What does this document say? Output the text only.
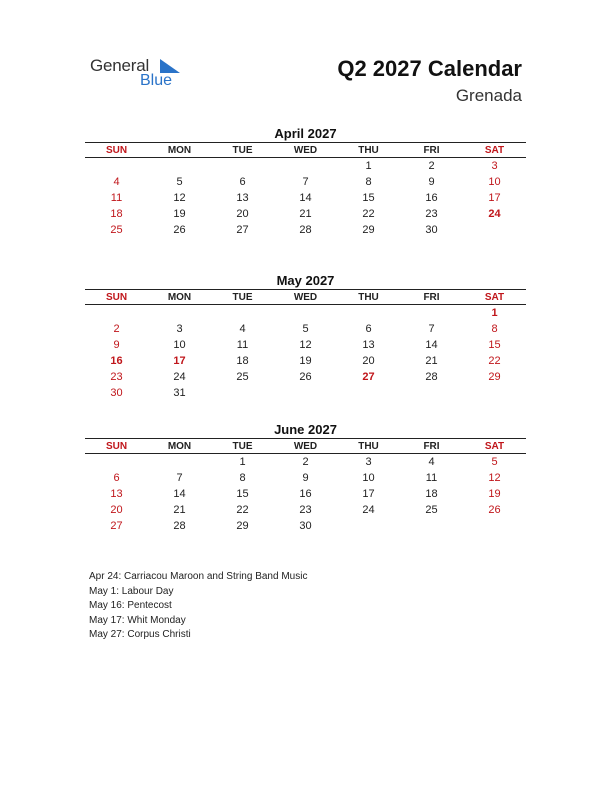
General
Blue	Q2 2027 Calendar
Grenada
April 2027
SUN	MON	TUE	WED	THU	FRI	SAT
				1	2	3
4	5	6	7	8	9	10
11	12	13	14	15	16	17
18	19	20	21	22	23	24
25	26	27	28	29	30	
May 2027
SUN	MON	TUE	WED	THU	FRI	SAT
						1
2	3	4	5	6	7	8
9	10	11	12	13	14	15
16	17	18	19	20	21	22
23	24	25	26	27	28	29
30	31					
June 2027
SUN	MON	TUE	WED	THU	FRI	SAT
		1	2	3	4	5
6	7	8	9	10	11	12
13	14	15	16	17	18	19
20	21	22	23	24	25	26
27	28	29	30			
Apr 24: Carriacou Maroon and String Band Music
May 1: Labour Day
May 16: Pentecost
May 17: Whit Monday
May 27: Corpus Christi
